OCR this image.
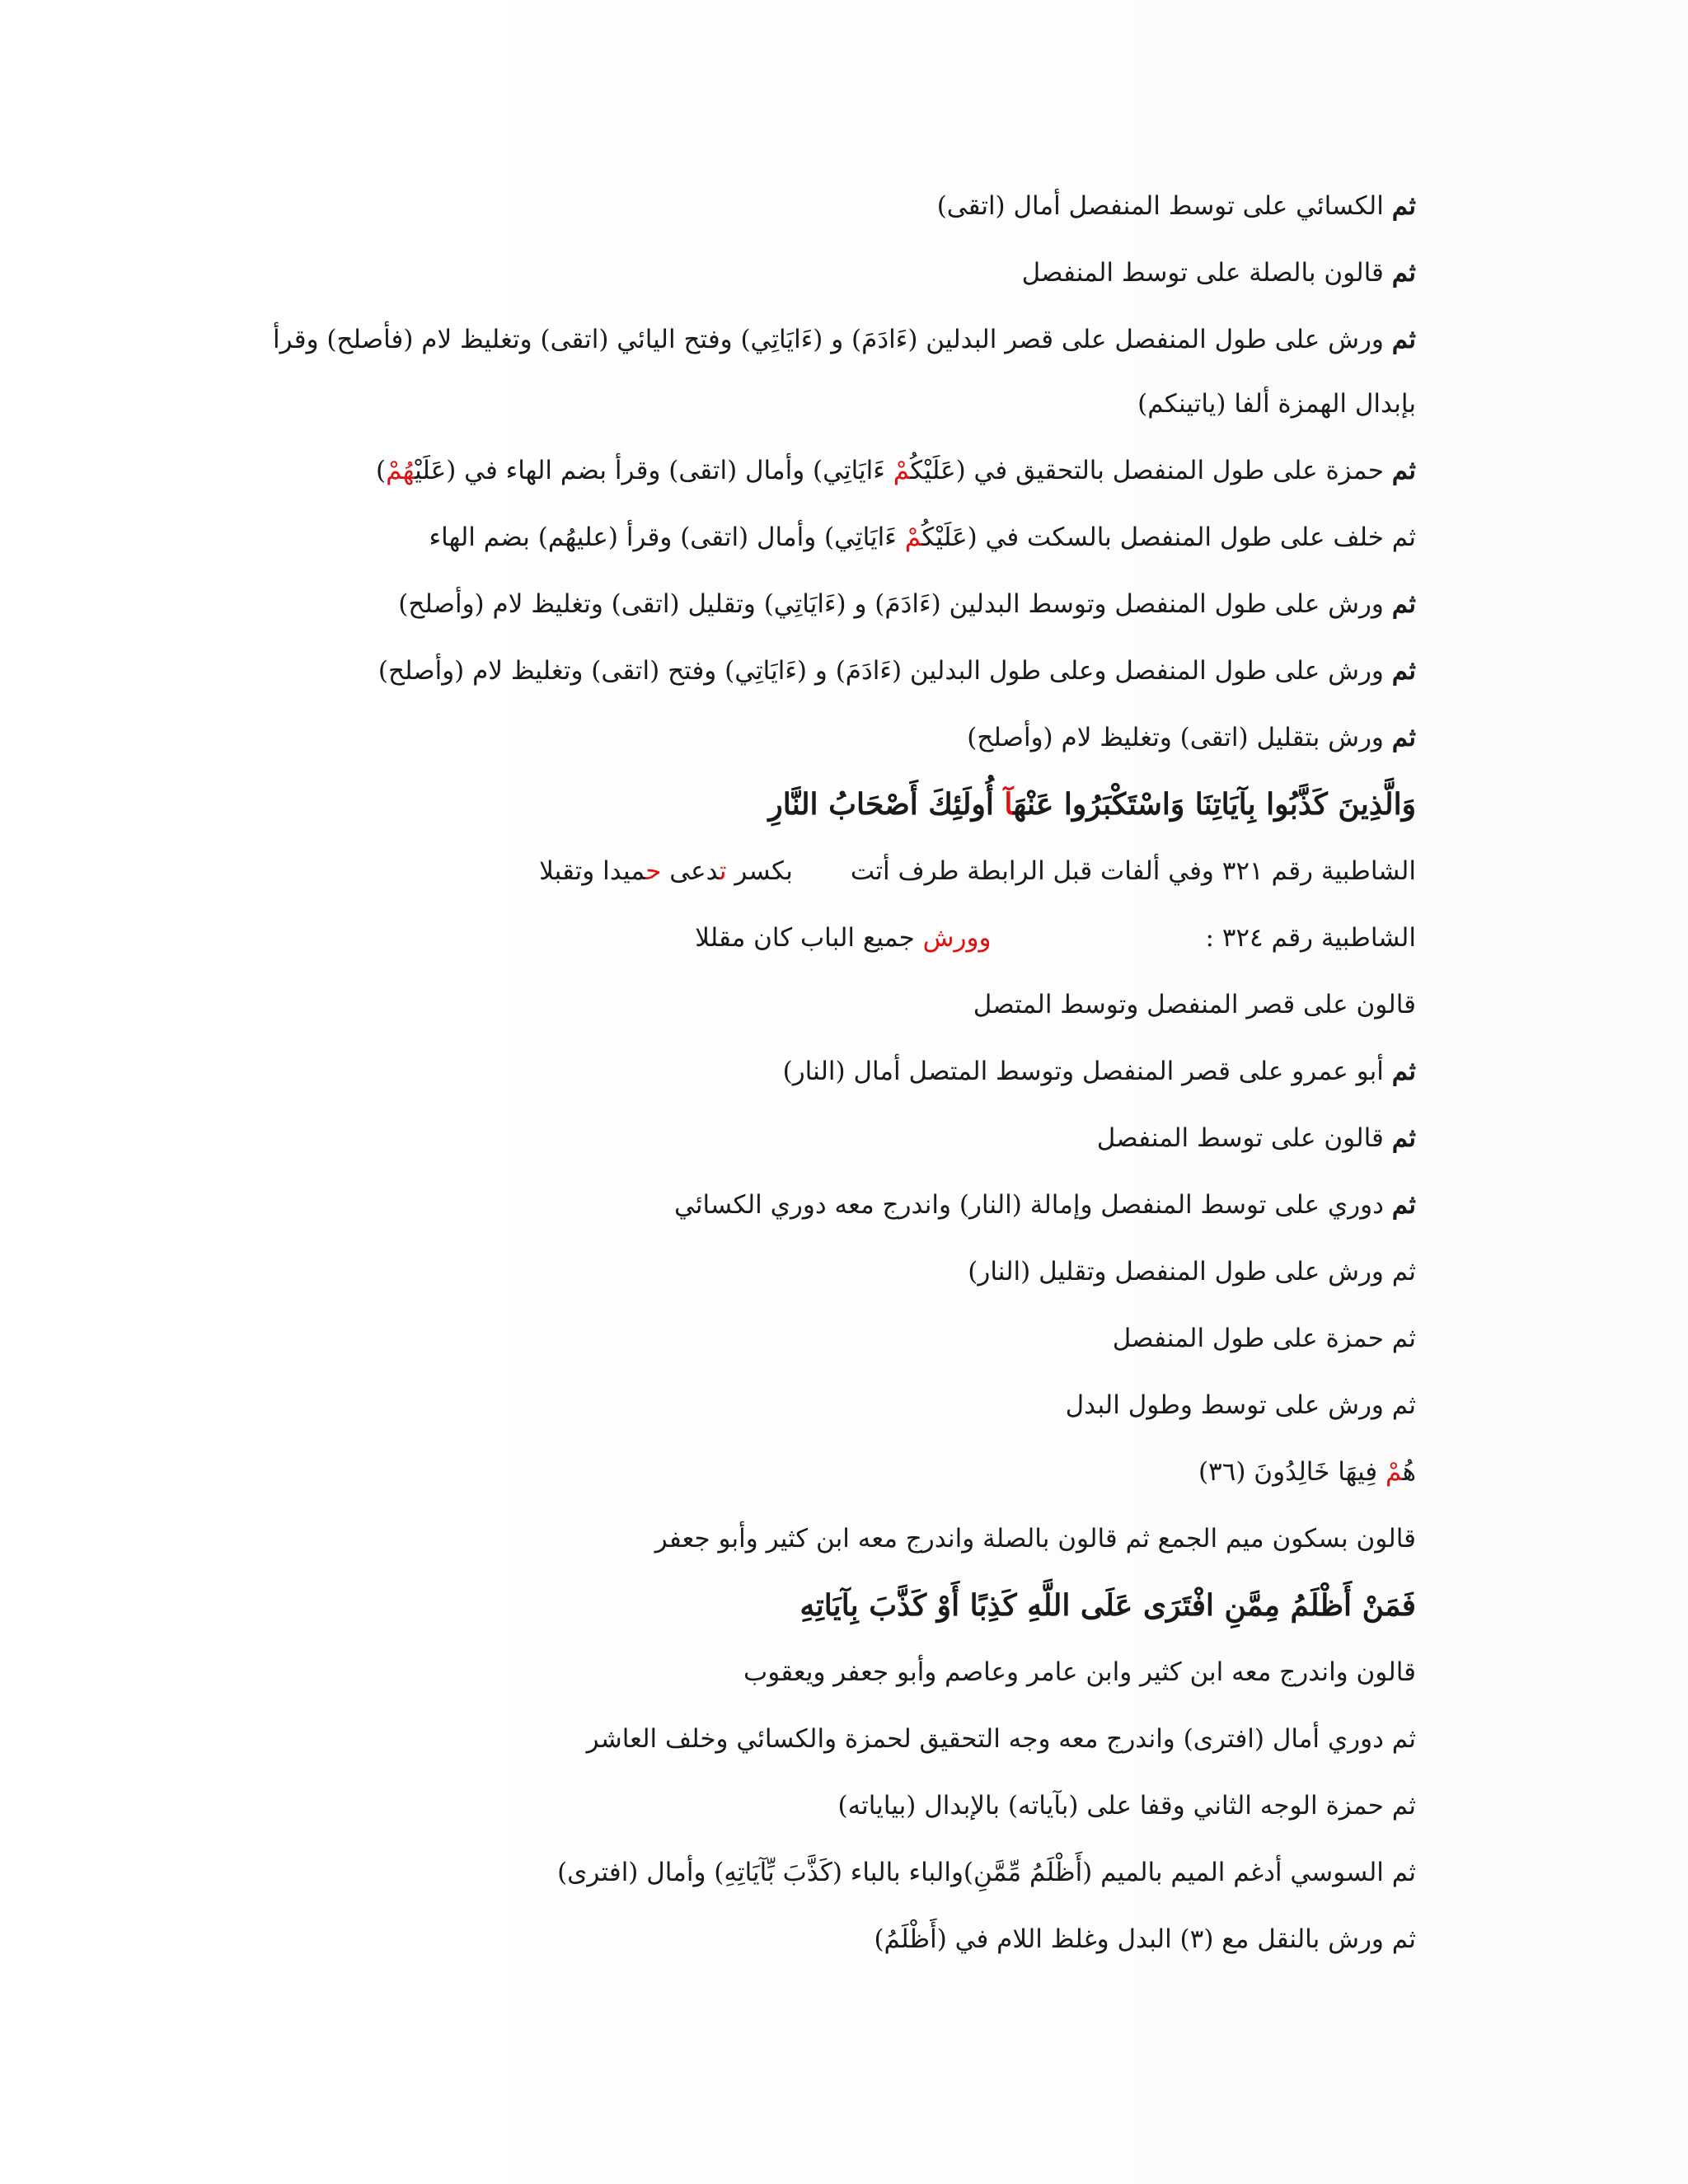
ثم الكسائي على توسط المنفصل أمال (اتقى)

ثم قالون بالصلة على توسط المنفصل

ثم ورش على طول المنفصل على قصر البدلين (ءَادَمَ) و (ءَايَاتِي) وفتح اليائي (اتقى) وتغليظ لام (فأصلح) وقرأ بإبدال الهمزة ألفا (ياتينكم)

ثم حمزة على طول المنفصل بالتحقيق في (عَلَيْكُمْ ءَايَاتِي) وأمال (اتقى) وقرأ بضم الهاء في (عَلَيْهُمْ)

ثم خلف على طول المنفصل بالسكت في (عَلَيْكُمْ ءَايَاتِي) وأمال (اتقى) وقرأ (عليهُم) بضم الهاء

ثم ورش على طول المنفصل وتوسط البدلين (ءَادَمَ) و (ءَايَاتِي) وتقليل (اتقى) وتغليظ لام (وأصلح)

ثم ورش على طول المنفصل وعلى طول البدلين (ءَادَمَ) و (ءَايَاتِي) وفتح (اتقى) وتغليظ لام (وأصلح)

ثم ورش بتقليل (اتقى) وتغليظ لام (وأصلح)

وَالَّذِينَ كَذَّبُوا بِآيَاتِنَا وَاسْتَكْبَرُوا عَنْهَآ أُولَئِكَ أَصْحَابُ النَّارِ

الشاطبية رقم ٣٢١ وفي ألفات قبل الرابطة طرف أتتبكسر تدعى حميدا وتقبلا

الشاطبية رقم ٣٢٤ :وورش جميع الباب كان مقللا

قالون على قصر المنفصل وتوسط المتصل

ثم أبو عمرو على قصر المنفصل وتوسط المتصل أمال (النار)

ثم قالون على توسط المنفصل

ثم دوري على توسط المنفصل وإمالة (النار) واندرج معه دوري الكسائي

ثم ورش على طول المنفصل وتقليل (النار)

ثم حمزة على طول المنفصل

ثم ورش على توسط وطول البدل

هُمْ فِيهَا خَالِدُونَ (٣٦)

قالون بسكون ميم الجمع ثم قالون بالصلة واندرج معه ابن كثير وأبو جعفر

فَمَنْ أَظْلَمُ مِمَّنِ افْتَرَى عَلَى اللَّهِ كَذِبًا أَوْ كَذَّبَ بِآيَاتِهِ

قالون واندرج معه ابن كثير وابن عامر وعاصم وأبو جعفر ويعقوب

ثم دوري أمال (افترى) واندرج معه وجه التحقيق لحمزة والكسائي وخلف العاشر

ثم حمزة الوجه الثاني وقفا على (بآياته) بالإبدال (بياياته)

ثم السوسي أدغم الميم بالميم (أَظْلَمُ مِّمَّنِ)والباء بالباء (كَذَّبَ بِّآيَاتِهِ) وأمال (افترى)

ثم ورش بالنقل مع (٣) البدل وغلظ اللام في (أَظْلَمُ)
